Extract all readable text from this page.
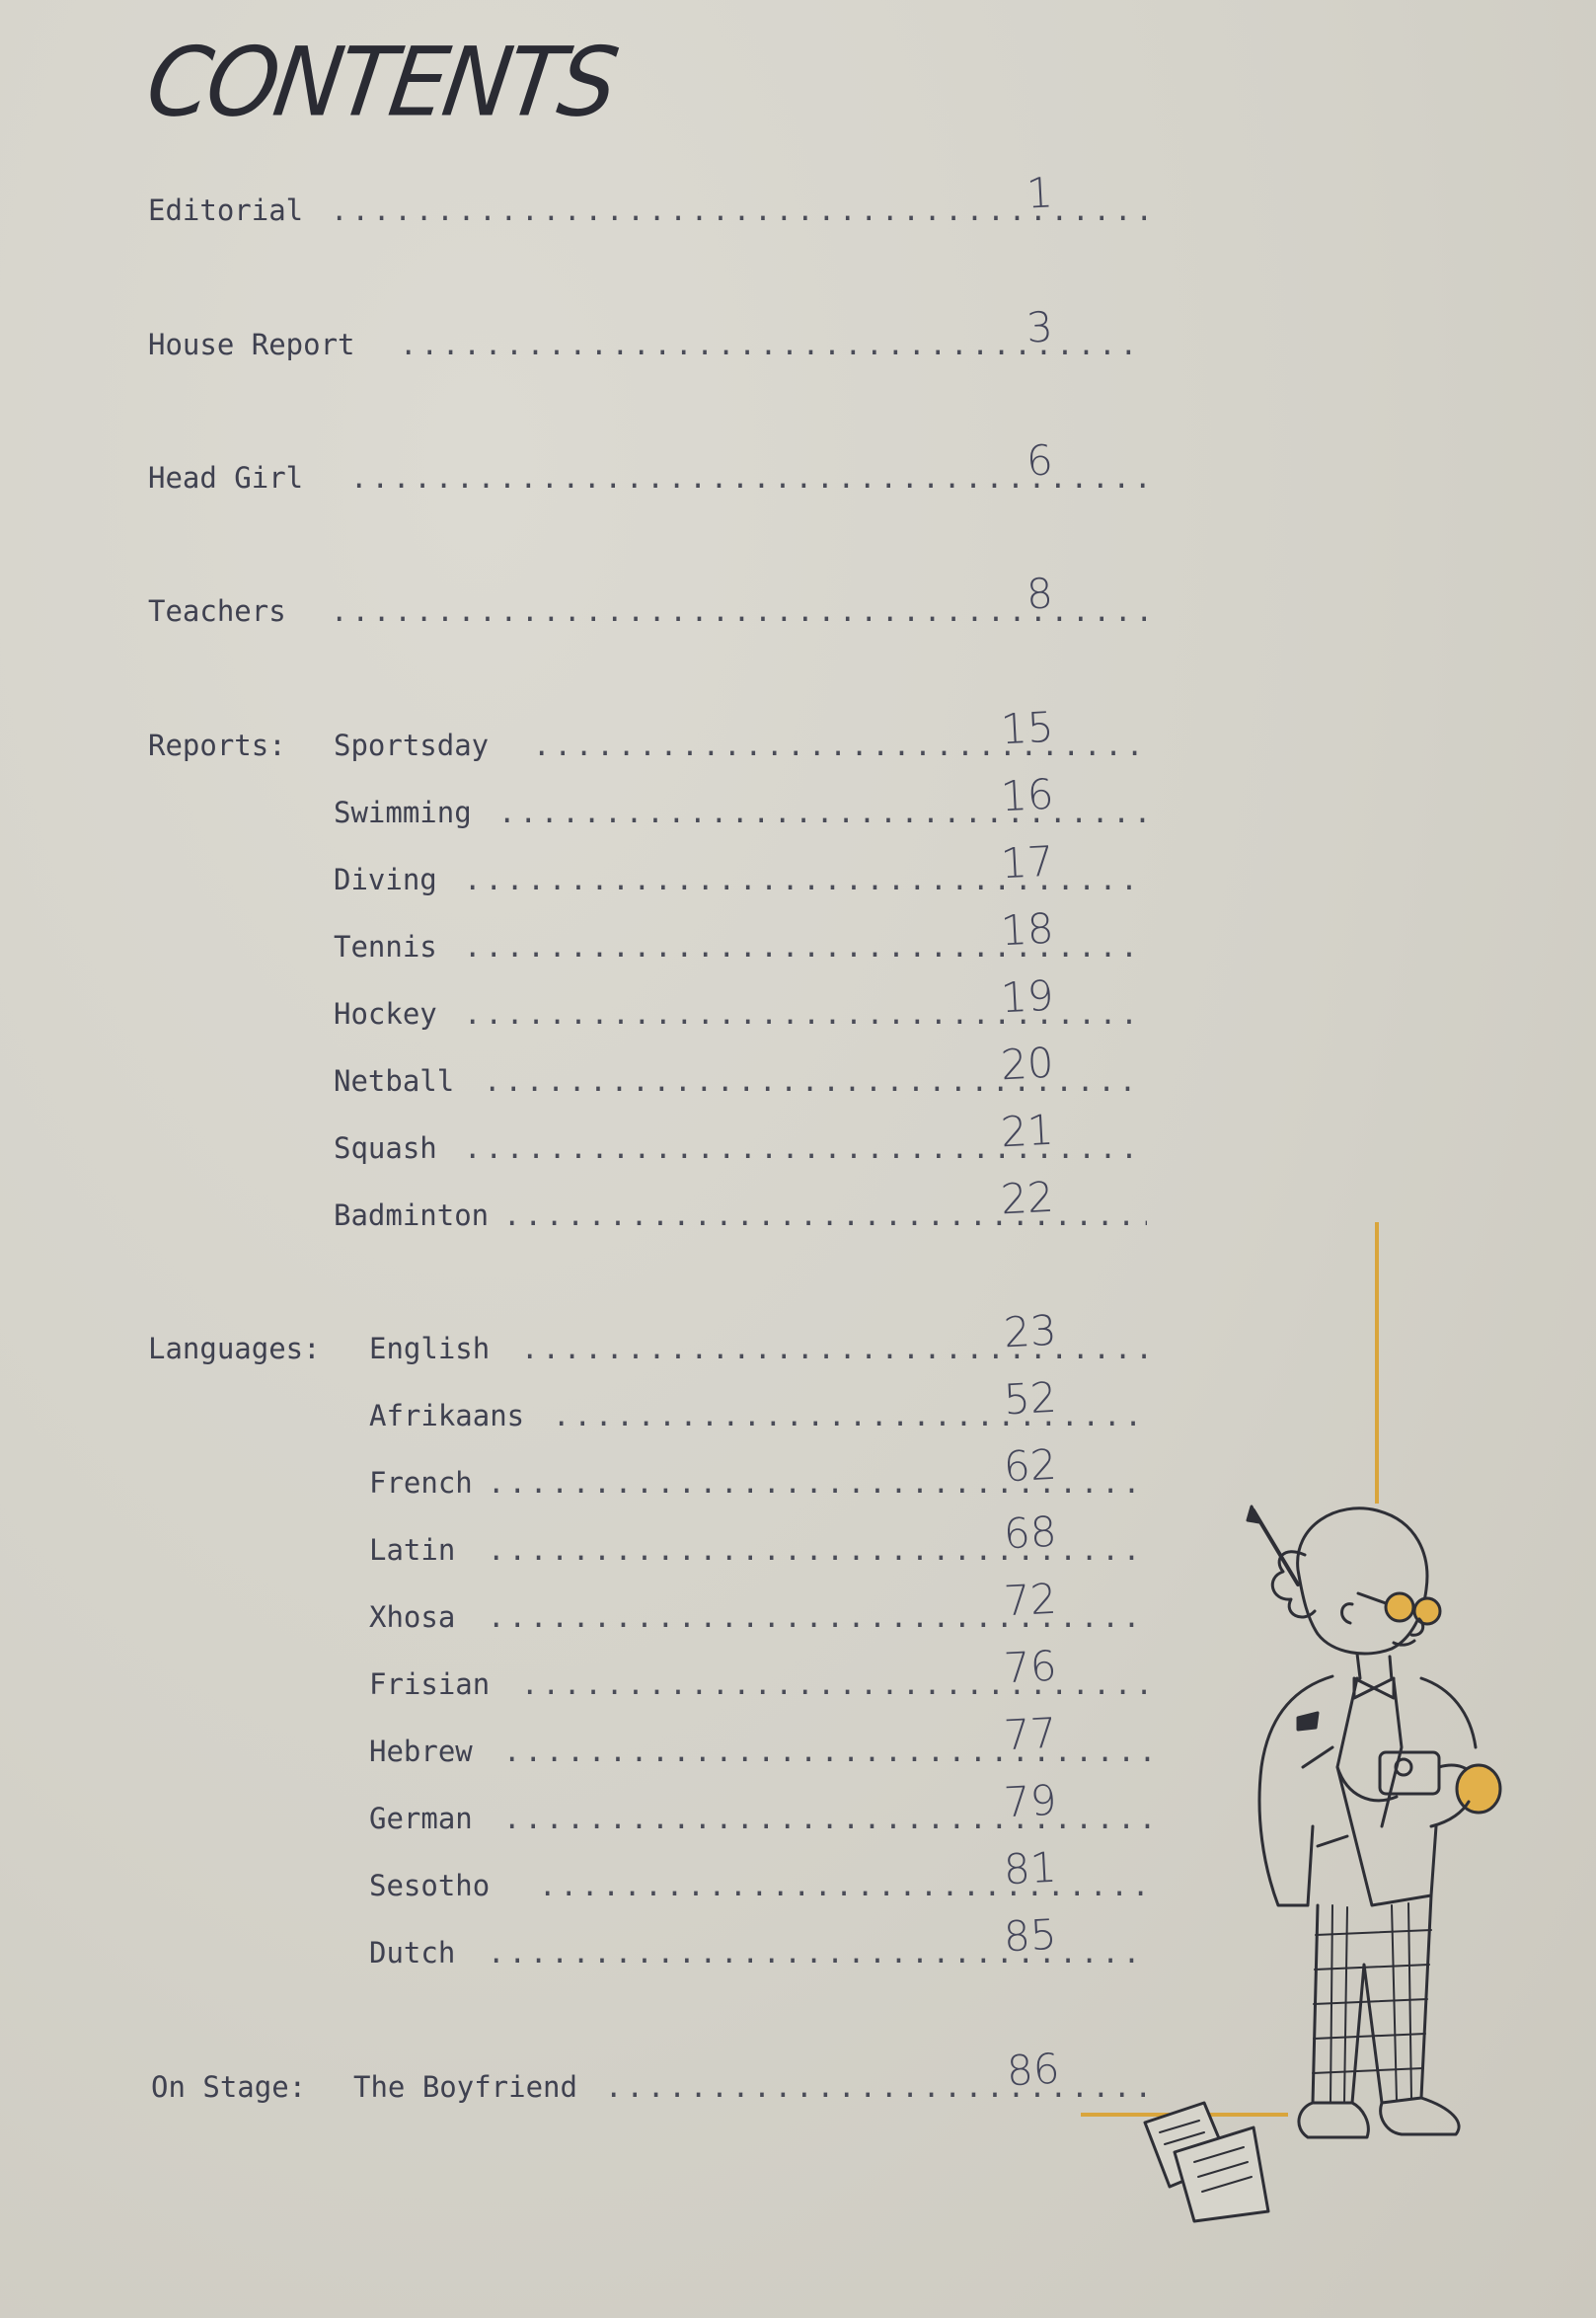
CONTENTS
Editorial .....	1
House Report .....	3
Head Girl .....	6
Teachers .....	8
Reports: Sportsday .....	15
Swimming .....	16
Diving .....	17
Tennis .....	18
Hockey .....	19
Netball .....	20
Squash .....	21
Badminton .....	22
Languages: English .....	23
Afrikaans .....	52
French .....	62
Latin .....	68
Xhosa .....	72
Frisian .....	76
Hebrew .....	77
German .....	79
Sesotho .....	81
Dutch .....	85
On Stage: The Boyfriend .....	86
